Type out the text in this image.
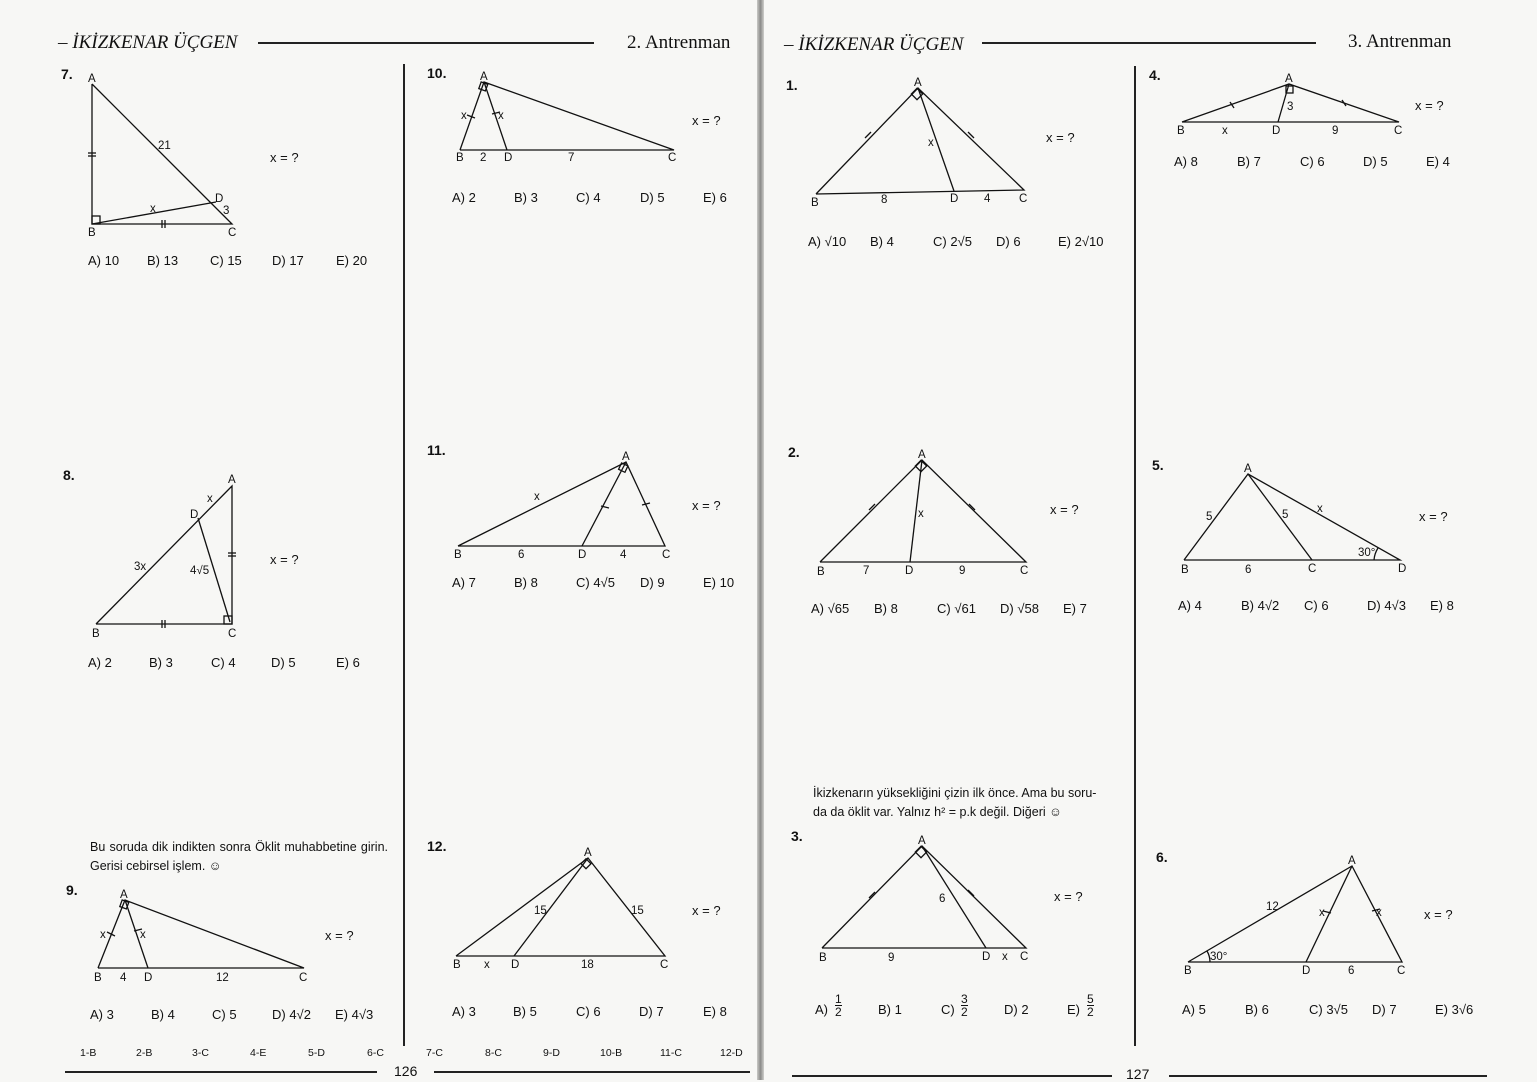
– İKİZKENAR ÜÇGEN	2. Antrenman
7. A
B	C
D
21
x	3
x = ?
A) 10 B) 13 C) 15 D) 17 E) 20
8.	A
B	C
D
x
3x	4√5
x = ?
A) 2	B) 3	C) 4	D) 5	E) 6
Bu soruda dik indikten sonra Öklit muhabbetine girin. Gerisi cebirsel işlem. ☺
9.	A
B	C
D
x	x
4	12
x = ?
A) 3	B) 4	C) 5	D) 4√2 E) 4√3
10.	A
B	C
D
x	x
2	7
x = ?
A) 2	B) 3	C) 4	D) 5	E) 6
11.	A
B	C
D
x
6	4
x = ?
A) 7	B) 8	C) 4√5 D) 9	E) 10
12.	A
B	C
D
15	15
x	18
x = ?
A) 3	B) 5	C) 6	D) 7	E) 8
1-B	2-B	3-C	4-E	5-D	6-C	7-C	8-C	9-D	10-B	11-C	12-D
126
– İKİZKENAR ÜÇGEN	3. Antrenman
1.	A
B	C
D
x
8	4
x = ?
A) √10 B) 4	C) 2√5 D) 6	E) 2√10
2.	A
B	C
D
x
7	9
x = ?
A) √65 B) 8	C) √61 D) √58 E) 7
İkizkenarın yüksekliğini çizin ilk önce. Ama bu soru-
da da öklit var. Yalnız h² = p.k değil. Diğeri ☺
3.	A
B	C
D
6
9	x
x = ?
$A) \frac{1}{2}$	B) 1	$C) \frac{3}{2}$	D) 2	$E) \frac{5}{2}$
4.	A
B	C
D
3
x	9
x = ?
A) 8	B) 7	C) 6	D) 5	E) 4
5.	A
B	C	D
5	5 x
6
30°
x = ?
A) 4	B) 4√2 C) 6	D) 4√3 E) 8
6.	A
B	C
D
12	x	x
6
30°
x = ?
A) 5	B) 6	C) 3√5 D) 7	E) 3√6
127
